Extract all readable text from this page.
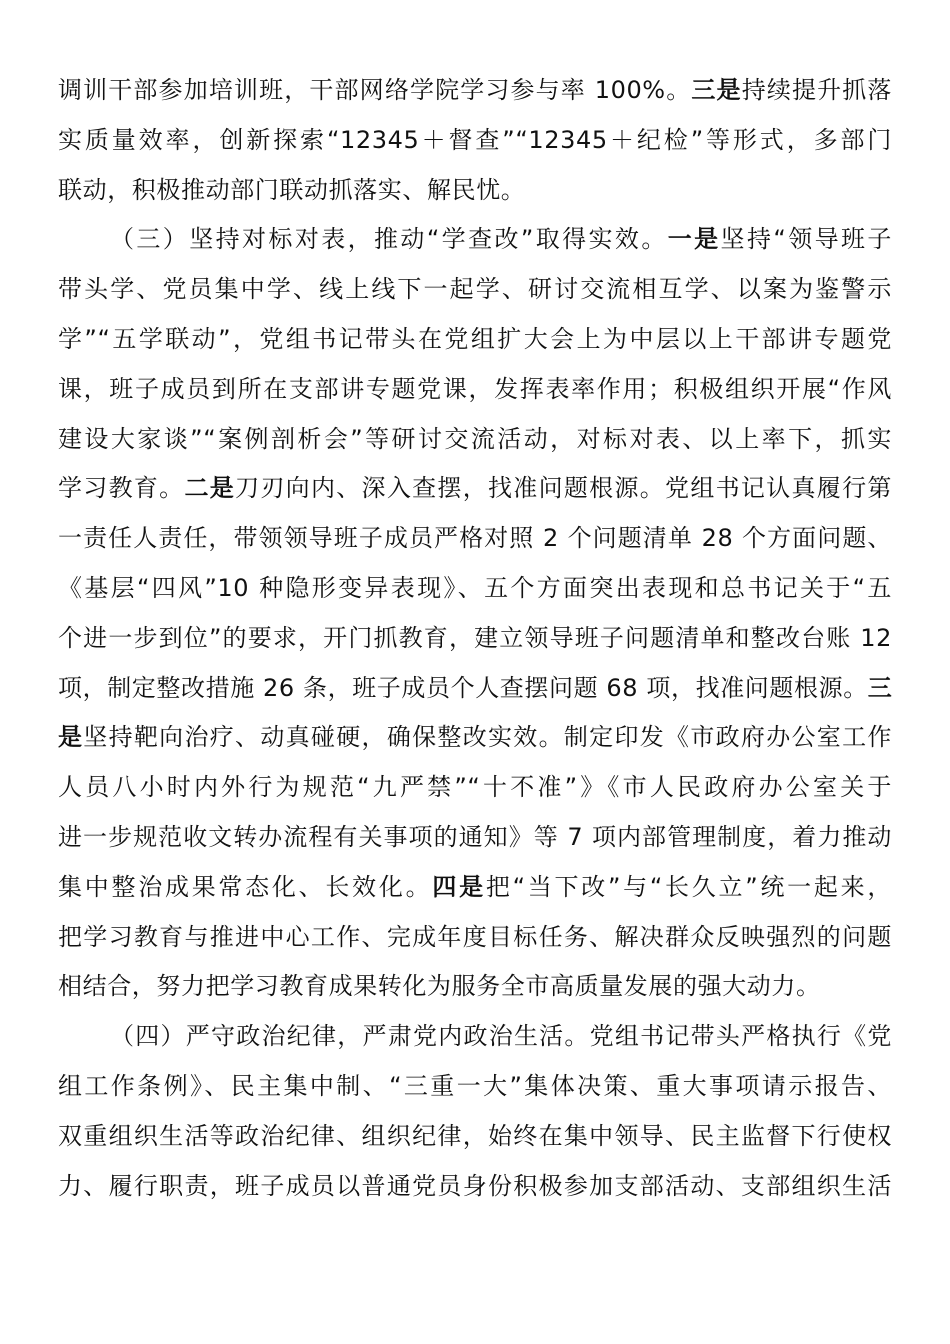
调训干部参加培训班，干部网络学院学习参与率 100%。三是持续提升抓落
实质量效率，创新探索“12345＋督查”“12345＋纪检”等形式，多部门
联动，积极推动部门联动抓落实、解民忧。
（三）坚持对标对表，推动“学查改”取得实效。一是坚持“领导班子
带头学、党员集中学、线上线下一起学、研讨交流相互学、以案为鉴警示
学”“五学联动”，党组书记带头在党组扩大会上为中层以上干部讲专题党
课，班子成员到所在支部讲专题党课，发挥表率作用；积极组织开展“作风
建设大家谈”“案例剖析会”等研讨交流活动，对标对表、以上率下，抓实
学习教育。二是刀刃向内、深入查摆，找准问题根源。党组书记认真履行第
一责任人责任，带领领导班子成员严格对照 2 个问题清单 28 个方面问题、
《基层“四风”10 种隐形变异表现》、五个方面突出表现和总书记关于“五
个进一步到位”的要求，开门抓教育，建立领导班子问题清单和整改台账 12
项，制定整改措施 26 条，班子成员个人查摆问题 68 项，找准问题根源。三
是坚持靶向治疗、动真碰硬，确保整改实效。制定印发《市政府办公室工作
人员八小时内外行为规范“九严禁”“十不准”》《市人民政府办公室关于
进一步规范收文转办流程有关事项的通知》等 7 项内部管理制度，着力推动
集中整治成果常态化、长效化。四是把“当下改”与“长久立”统一起来，
把学习教育与推进中心工作、完成年度目标任务、解决群众反映强烈的问题
相结合，努力把学习教育成果转化为服务全市高质量发展的强大动力。
（四）严守政治纪律，严肃党内政治生活。党组书记带头严格执行《党
组工作条例》、民主集中制、“三重一大”集体决策、重大事项请示报告、
双重组织生活等政治纪律、组织纪律，始终在集中领导、民主监督下行使权
力、履行职责，班子成员以普通党员身份积极参加支部活动、支部组织生活
